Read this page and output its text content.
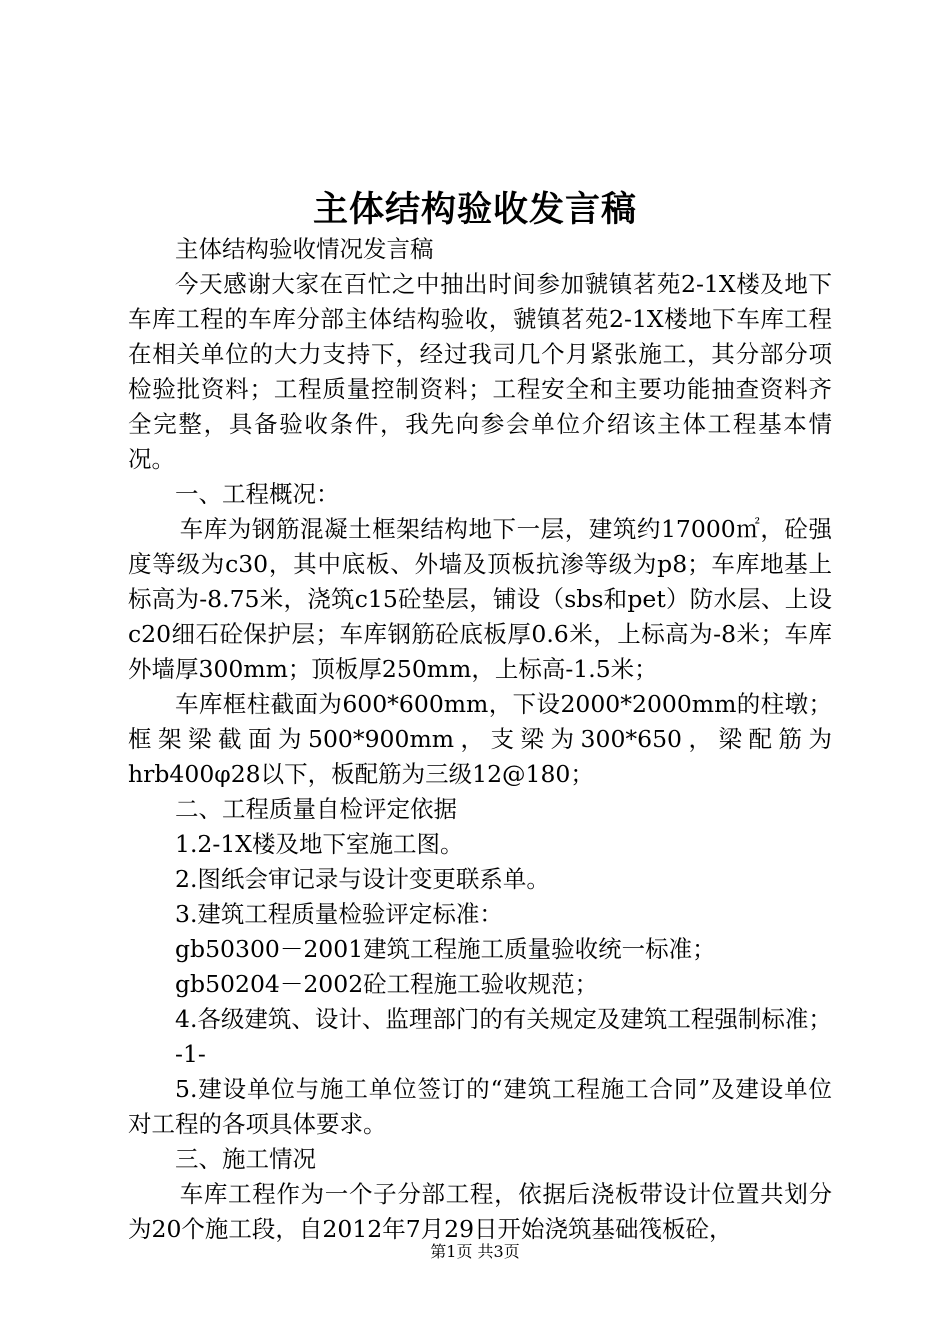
主体结构验收发言稿

主体结构验收情况发言稿

今天感谢大家在百忙之中抽出时间参加虢镇茗苑2-1X楼及地下车库工程的车库分部主体结构验收，虢镇茗苑2-1X楼地下车库工程在相关单位的大力支持下，经过我司几个月紧张施工，其分部分项检验批资料；工程质量控制资料；工程安全和主要功能抽查资料齐全完整，具备验收条件，我先向参会单位介绍该主体工程基本情况。

一、工程概况：

车库为钢筋混凝土框架结构地下一层，建筑约17000㎡，砼强度等级为c30，其中底板、外墙及顶板抗渗等级为p8；车库地基上标高为-8.75米，浇筑c15砼垫层，铺设（sbs和pet）防水层、上设c20细石砼保护层；车库钢筋砼底板厚0.6米，上标高为-8米；车库外墙厚300mm；顶板厚250mm，上标高-1.5米；

车库框柱截面为600*600mm，下设2000*2000mm的柱墩；框架梁截面为500*900mm，支梁为300*650，梁配筋为hrb400φ28以下，板配筋为三级12@180；

二、工程质量自检评定依据

1.2-1X楼及地下室施工图。

2.图纸会审记录与设计变更联系单。

3.建筑工程质量检验评定标准：

gb50300－2001建筑工程施工质量验收统一标准；

gb50204－2002砼工程施工验收规范；

4.各级建筑、设计、监理部门的有关规定及建筑工程强制标准；

-1-

5.建设单位与施工单位签订的“建筑工程施工合同”及建设单位对工程的各项具体要求。

三、施工情况

车库工程作为一个子分部工程，依据后浇板带设计位置共划分为20个施工段，自2012年7月29日开始浇筑基础筏板砼，

第1页 共3页
